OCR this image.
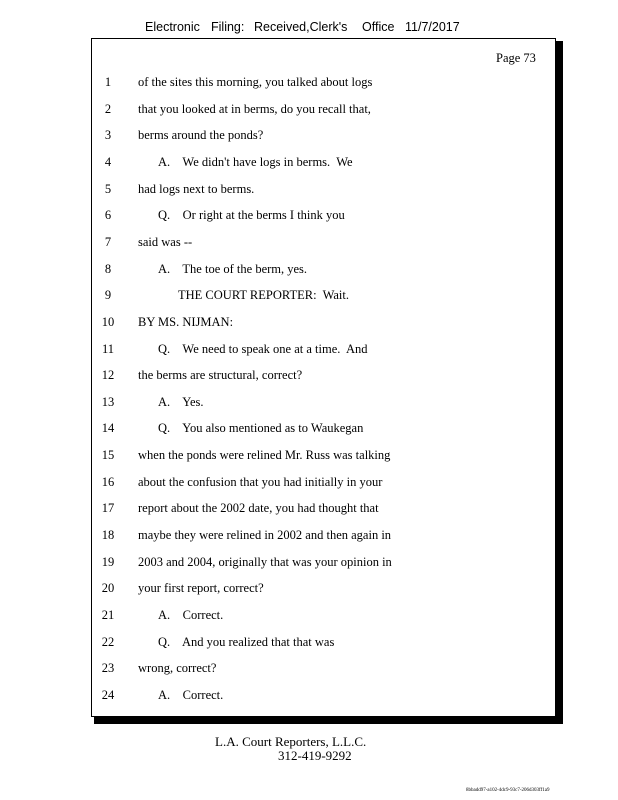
Electronic Filing: Received,Clerk's Office 11/7/2017
Page 73
1	of the sites this morning, you talked about logs
2	that you looked at in berms, do you recall that,
3	berms around the ponds?
4	A.    We didn't have logs in berms.  We
5	had logs next to berms.
6	Q.    Or right at the berms I think you
7	said was --
8	A.    The toe of the berm, yes.
9	THE COURT REPORTER:  Wait.
10	BY MS. NIJMAN:
11	Q.    We need to speak one at a time.  And
12	the berms are structural, correct?
13	A.    Yes.
14	Q.    You also mentioned as to Waukegan
15	when the ponds were relined Mr. Russ was talking
16	about the confusion that you had initially in your
17	report about the 2002 date, you had thought that
18	maybe they were relined in 2002 and then again in
19	2003 and 2004, originally that was your opinion in
20	your first report, correct?
21	A.    Correct.
22	Q.    And you realized that that was
23	wrong, correct?
24	A.    Correct.
L.A. Court Reporters, L.L.C.
312-419-9292
8bbadd97-a102-4dc9-93c7-206d303ff1a9
